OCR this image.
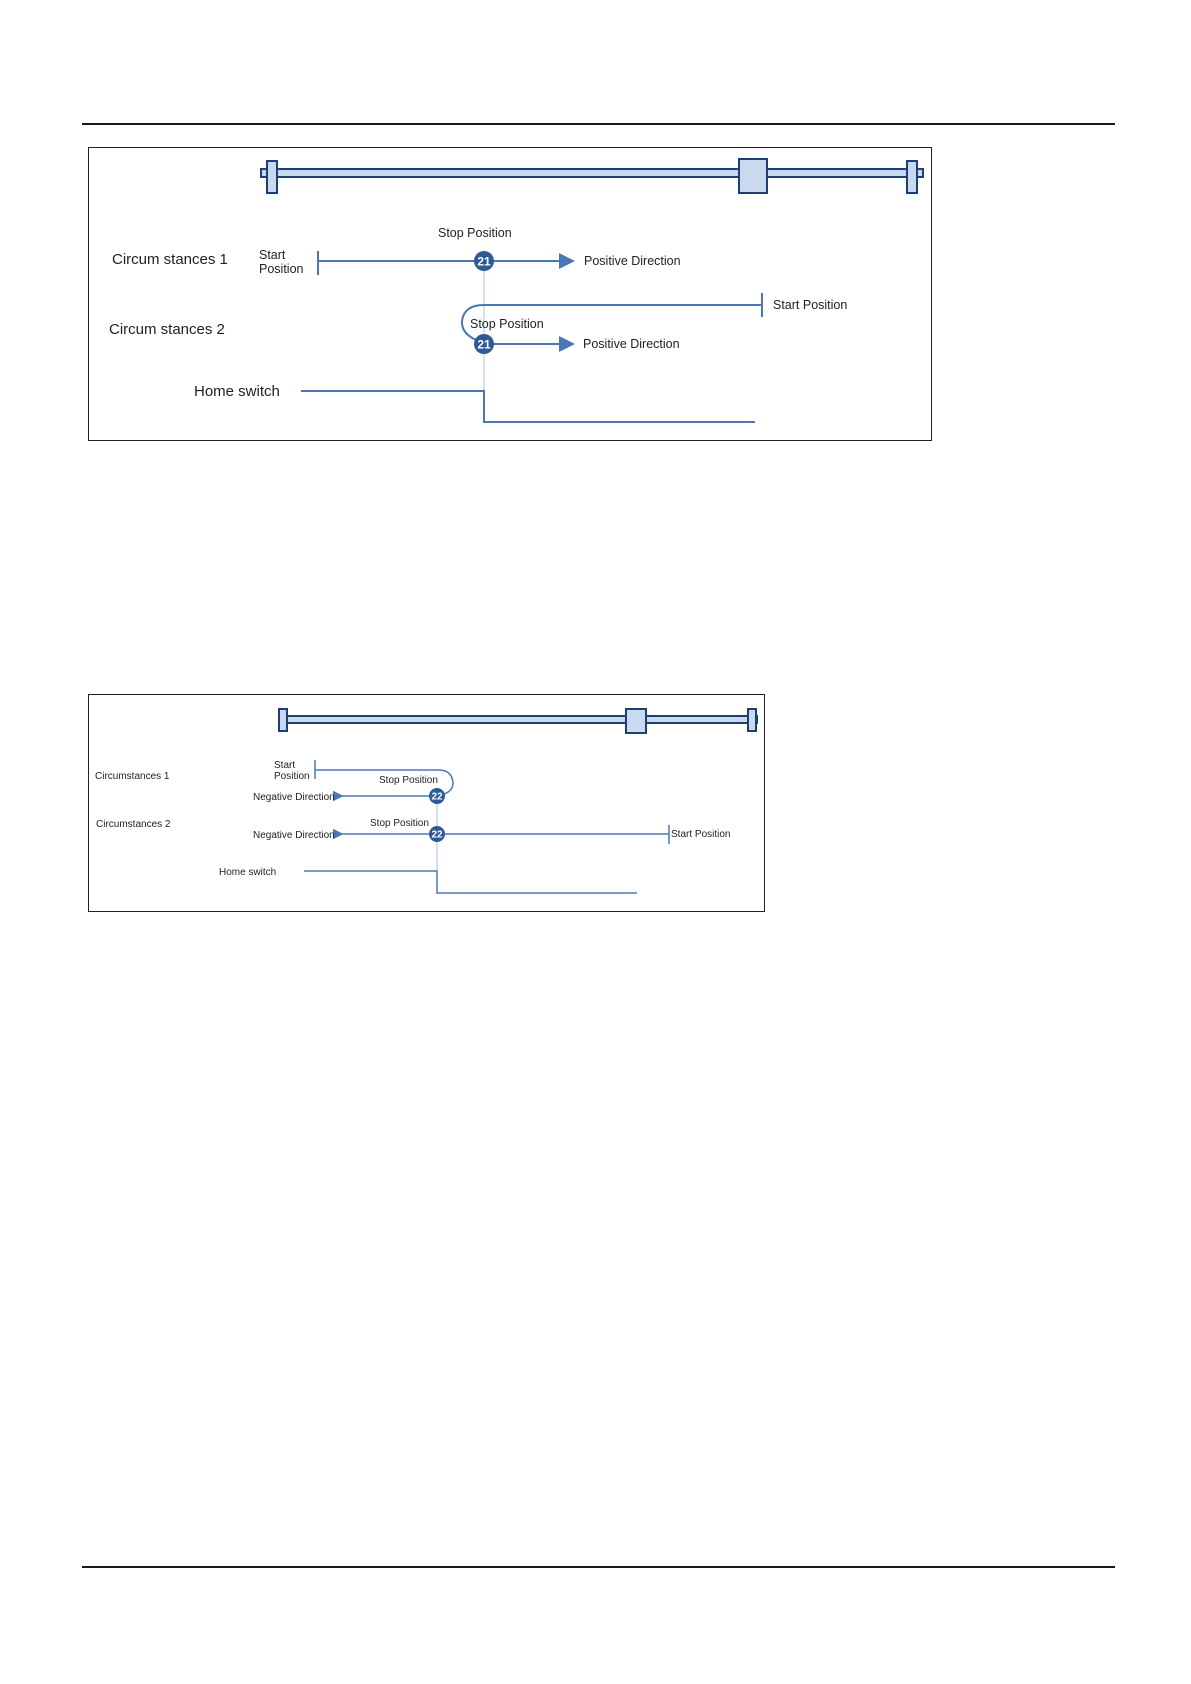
Circum stances 1 Start
Position
Stop Position
Positive Direction
21
Circum stances 2
Start Position
Stop Position
Positive Direction
21
Home switch
Circumstances 1
Start
Position	Stop Position
Negative Direction	22
Circumstances 2	Stop Position
Negative Direction	Start Position
22
Home switch
